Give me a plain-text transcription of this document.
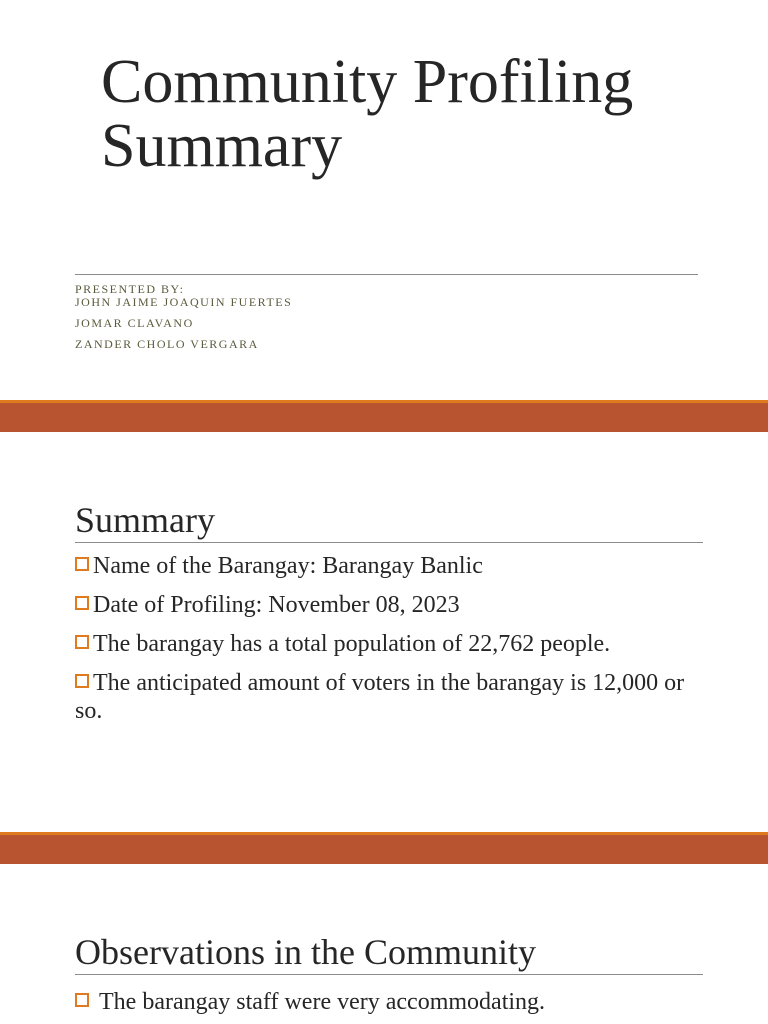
Community Profiling
Summary
PRESENTED BY:
JOHN JAIME JOAQUIN FUERTES
JOMAR CLAVANO
ZANDER CHOLO VERGARA
Summary
Name of the Barangay: Barangay Banlic
Date of Profiling: November 08, 2023
The barangay has a total population of 22,762 people.
The anticipated amount of voters in the barangay is 12,000 or so.
Observations in the Community
The barangay staff were very accommodating.
